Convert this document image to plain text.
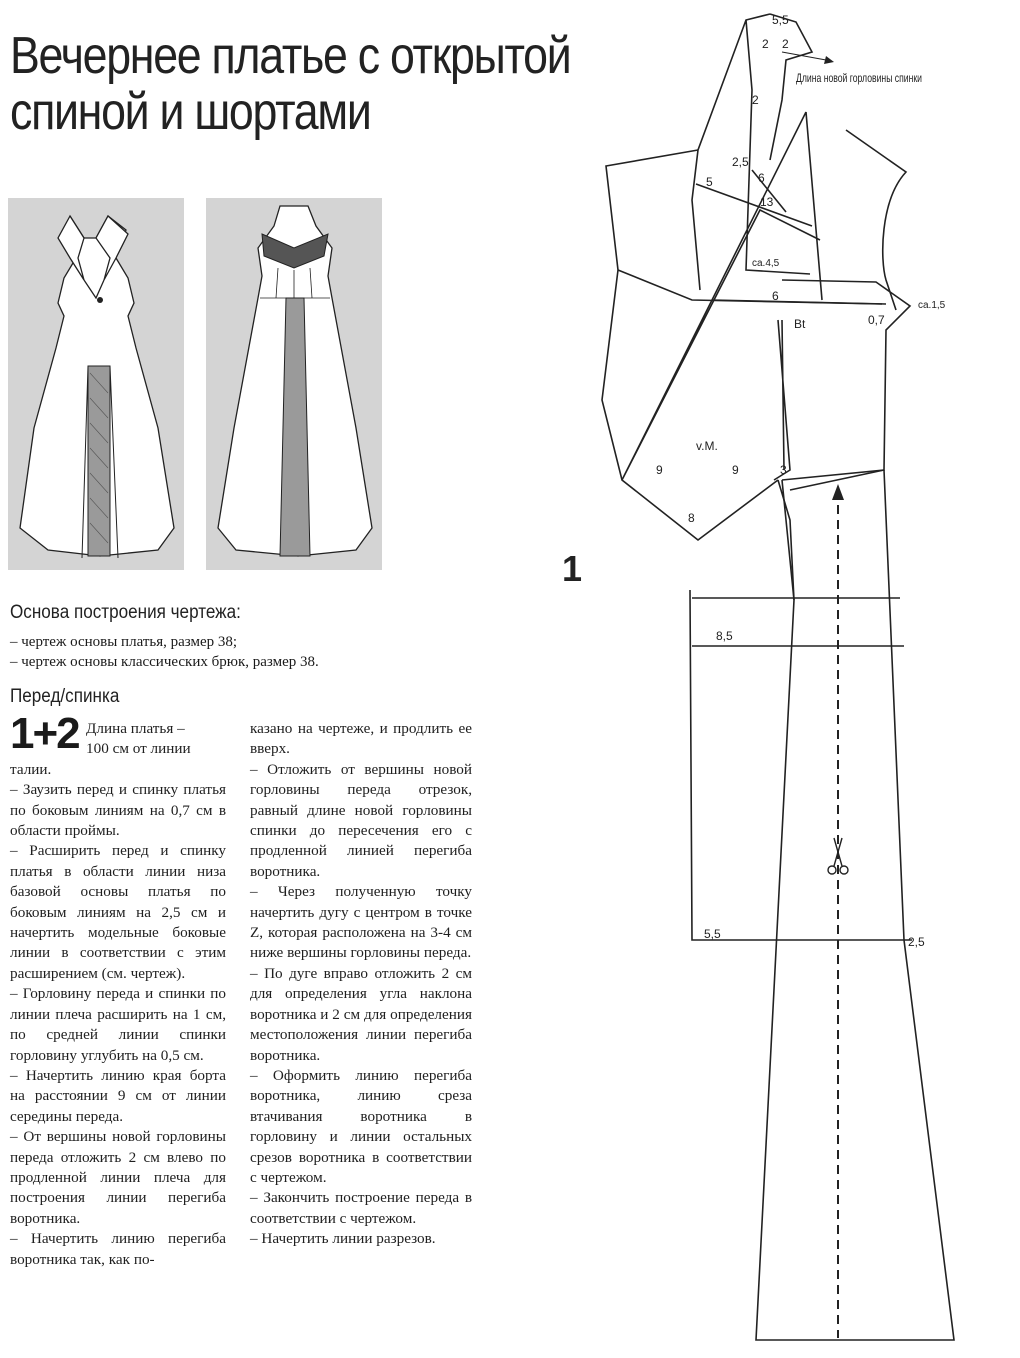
Вечернее платье с открытой
спиной и шортами
Основа построения чертежа:
– чертеж основы платья, размер 38;
– чертеж основы классических брюк, размер 38.
Перед/спинка
1+2 Длина платья –

100 см от линии

талии.

– Заузить перед и спинку платья по боковым линиям на 0,7 см в области проймы.

– Расширить перед и спинку платья в области линии низа базовой основы платья по боковым линиям на 2,5 см и начертить модельные боковые линии в соответствии с этим расширением (см. чертеж).

– Горловину переда и спинки по линии плеча расширить на 1 см, по средней линии спинки горловину углубить на 0,5 см.

– Начертить линию края борта на расстоянии 9 см от линии середины переда.

– От вершины новой горловины переда отложить 2 см влево по продленной линии плеча для построения линии перегиба воротника.

– Начертить линию перегиба воротника так, как по-

казано на чертеже, и продлить ее вверх.

– Отложить от вершины новой горловины переда отрезок, равный длине новой горловины спинки до пересечения его с продленной линией перегиба воротника.

– Через полученную точку начертить дугу с центром в точке Z, которая расположена на 3-4 см ниже вершины горловины переда.

– По дуге вправо отложить 2 см для определения угла наклона воротника и 2 см для определения местоположения линии перегиба воротника.

– Оформить линию перегиба воротника, линию среза втачивания воротника в горловину и линии остальных срезов воротника в соответствии с чертежом.

– Закончить построение переда в соответствии с чертежом.

– Начертить линии разрезов.

1
Длина новой горловины спинки
5,5
2 2
2
2,5
5	6
13
ca.4,5
6
Bt	0,7
ca.1,5
v.M.
9	9	3
8
8,5
5,5
2,5
